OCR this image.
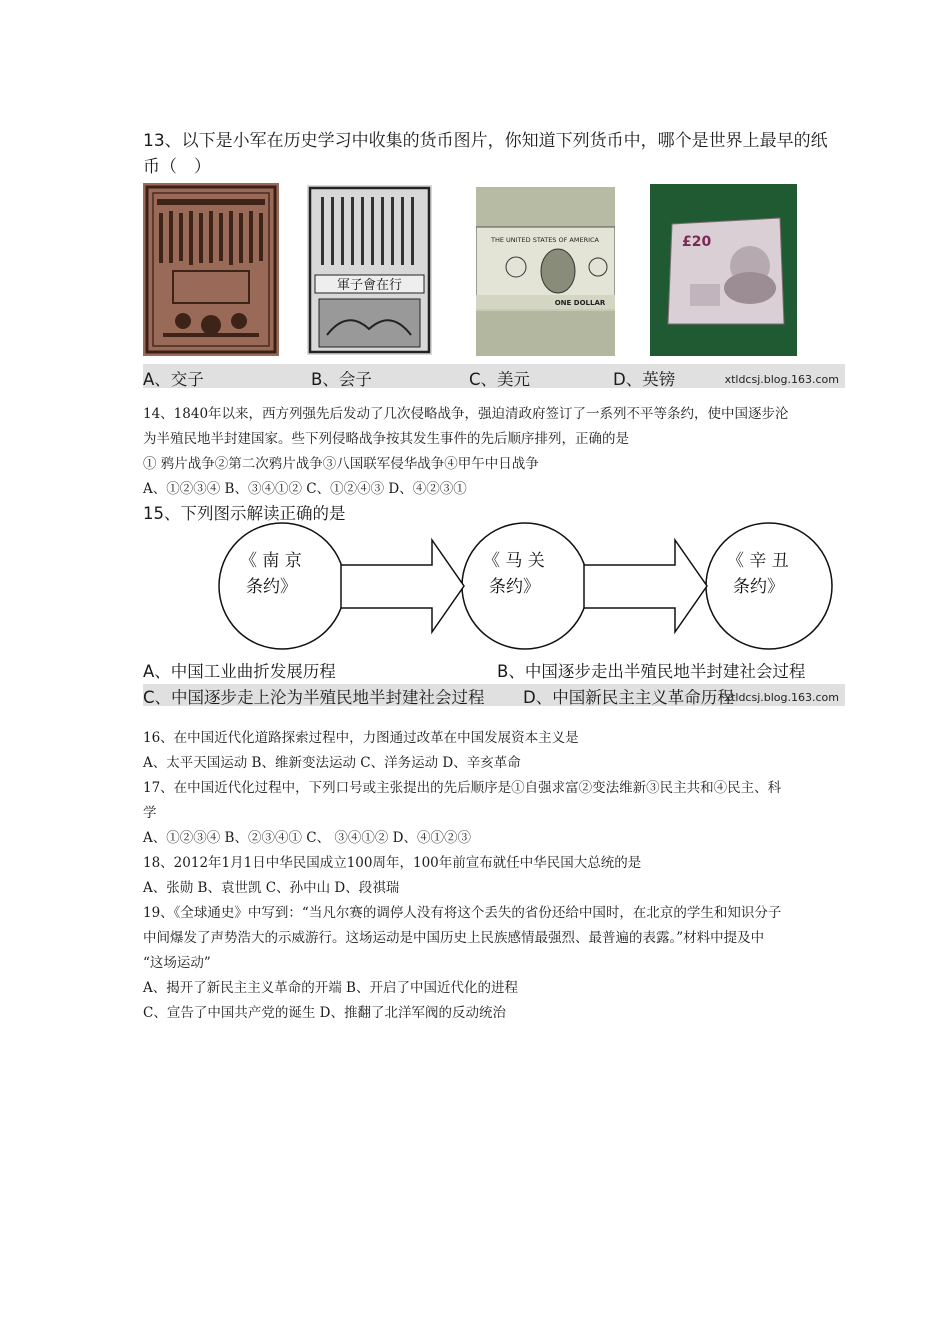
13、以下是小军在历史学习中收集的货币图片，你知道下列货币中，哪个是世界上最早的纸
币（　）
軍子會在行
THE UNITED STATES OF AMERICA
ONE DOLLAR
£20
A、交子	B、会子	C、美元	D、英镑	xtldcsj.blog.163.com
14、1840年以来，西方列强先后发动了几次侵略战争，强迫清政府签订了一系列不平等条约，使中国逐步沦
为半殖民地半封建国家。些下列侵略战争按其发生事件的先后顺序排列，正确的是
① 鸦片战争②第二次鸦片战争③八国联军侵华战争④甲午中日战争
A、①②③④ B、③④①② C、①②④③ D、④②③①
15、下列图示解读正确的是
《 南 京
条约》
《 马 关
条约》
《 辛 丑
条约》
A、中国工业曲折发展历程	B、中国逐步走出半殖民地半封建社会过程
C、中国逐步走上沦为半殖民地半封建社会过程 D、中国新民主主义革命历程
xtldcsj.blog.163.com
16、在中国近代化道路探索过程中，力图通过改革在中国发展资本主义是
A、太平天国运动 B、维新变法运动 C、洋务运动 D、辛亥革命
17、在中国近代化过程中，下列口号或主张提出的先后顺序是①自强求富②变法维新③民主共和④民主、科
学
A、①②③④ B、②③④① C、 ③④①② D、④①②③
18、2012年1月1日中华民国成立100周年，100年前宣布就任中华民国大总统的是
A、张勋 B、袁世凯 C、孙中山 D、段祺瑞
19、《全球通史》中写到：“当凡尔赛的调停人没有将这个丢失的省份还给中国时，在北京的学生和知识分子
中间爆发了声势浩大的示威游行。这场运动是中国历史上民族感情最强烈、最普遍的表露。”材料中提及中
“这场运动”
A、揭开了新民主主义革命的开端 B、开启了中国近代化的进程
C、宣告了中国共产党的诞生 D、推翻了北洋军阀的反动统治
